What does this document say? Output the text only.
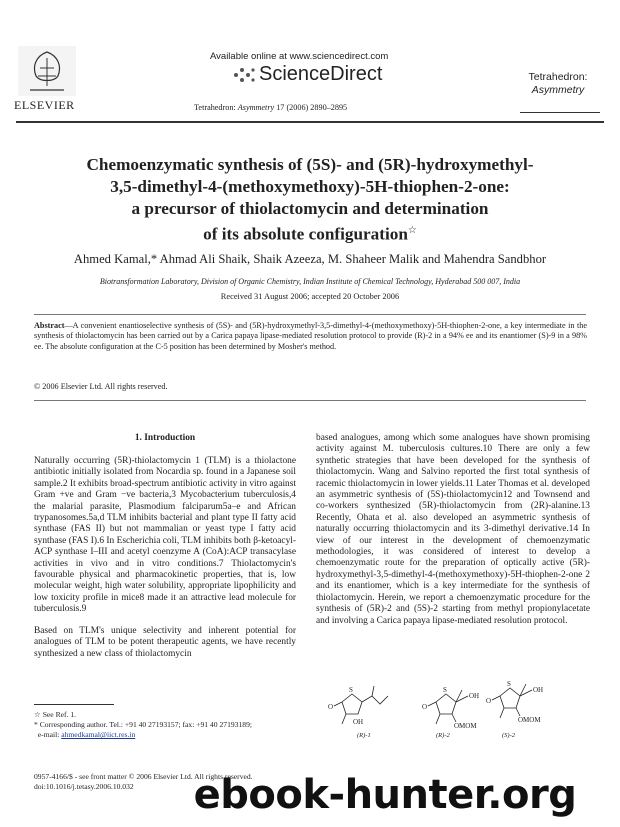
ELSEVIER
Available online at www.sciencedirect.com
ScienceDirect
Tetrahedron: Asymmetry 17 (2006) 2890–2895
Tetrahedron:
Asymmetry
Chemoenzymatic synthesis of (5S)- and (5R)-hydroxymethyl-
3,5-dimethyl-4-(methoxymethoxy)-5H-thiophen-2-one:
a precursor of thiolactomycin and determination
of its absolute configuration☆
Ahmed Kamal,* Ahmad Ali Shaik, Shaik Azeeza, M. Shaheer Malik and Mahendra Sandbhor
Biotransformation Laboratory, Division of Organic Chemistry, Indian Institute of Chemical Technology, Hyderabad 500 007, India
Received 31 August 2006; accepted 20 October 2006
Abstract—A convenient enantioselective synthesis of (5S)- and (5R)-hydroxymethyl-3,5-dimethyl-4-(methoxymethoxy)-5H-thiophen-2-one, a key intermediate in the synthesis of thiolactomycin has been carried out by a Carica papaya lipase-mediated resolution protocol to provide (R)-2 in a 94% ee and its enantiomer (S)-9 in a 98% ee. The absolute configuration at the C-5 position has been determined by Mosher's method.
© 2006 Elsevier Ltd. All rights reserved.
1. Introduction

Naturally occurring (5R)-thiolactomycin 1 (TLM) is a thiolactone antibiotic initially isolated from Nocardia sp. found in a Japanese soil sample.2 It exhibits broad-spectrum antibiotic activity in vitro against Gram +ve and Gram −ve bacteria,3 Mycobacterium tuberculosis,4 the malarial parasite, Plasmodium falciparum5a–e and African trypanosomes.5a,d TLM inhibits bacterial and plant type II fatty acid synthase (FAS II) but not mammalian or yeast type I fatty acid synthase (FAS I).6 In Escherichia coli, TLM inhibits both β-ketoacyl-ACP synthase I–III and acetyl coenzyme A (CoA):ACP transacylase activities in vivo and in vitro conditions.7 Thiolactomycin's favourable physical and pharmacokinetic properties, that is, low molecular weight, high water solubility, appropriate lipophilicity and low toxicity profile in mice8 made it an attractive lead molecule for tuberculosis.9

Based on TLM's unique selectivity and inherent potential for analogues of TLM to be potent therapeutic agents, we have recently synthesized a new class of thiolactomycin

based analogues, among which some analogues have shown promising activity against M. tuberculosis cultures.10 There are only a few synthetic strategies that have been developed for the synthesis of thiolactomycin. Wang and Salvino reported the first total synthesis of racemic thiolactomycin in lower yields.11 Later Thomas et al. developed an asymmetric synthesis of (5S)-thiolactomycin12 and Townsend and co-workers synthesized (5R)-thiolactomycin from (2R)-alanine.13 Recently, Ohata et al. also developed an asymmetric synthesis of naturally occurring thiolactomycin and its 3-dimethyl derivative.14 In view of our interest in the development of chemoenzymatic methodologies, it was considered of interest to develop a chemoenzymatic route for the preparation of optically active (5R)-hydroxymethyl-3,5-dimethyl-4-(methoxymethoxy)-5H-thiophen-2-one 2 and its enantiomer, which is a key intermediate for the synthesis of thiolactomycin. Herein, we report a chemoenzymatic procedure for the synthesis of (5R)-2 and (5S)-2 starting from methyl propionylacetate and involving a Carica papaya lipase-mediated resolution protocol.

S
O
OH
S
O
OH
OMOM
S
O
OH
OMOM
(R)-1	(R)-2	(S)-2
☆ See Ref. 1.
* Corresponding author. Tel.: +91 40 27193157; fax: +91 40 27193189;
e-mail: ahmedkamal@iict.res.in
0957-4166/$ - see front matter © 2006 Elsevier Ltd. All rights reserved.
doi:10.1016/j.tetasy.2006.10.032	ebook-hunter.org
